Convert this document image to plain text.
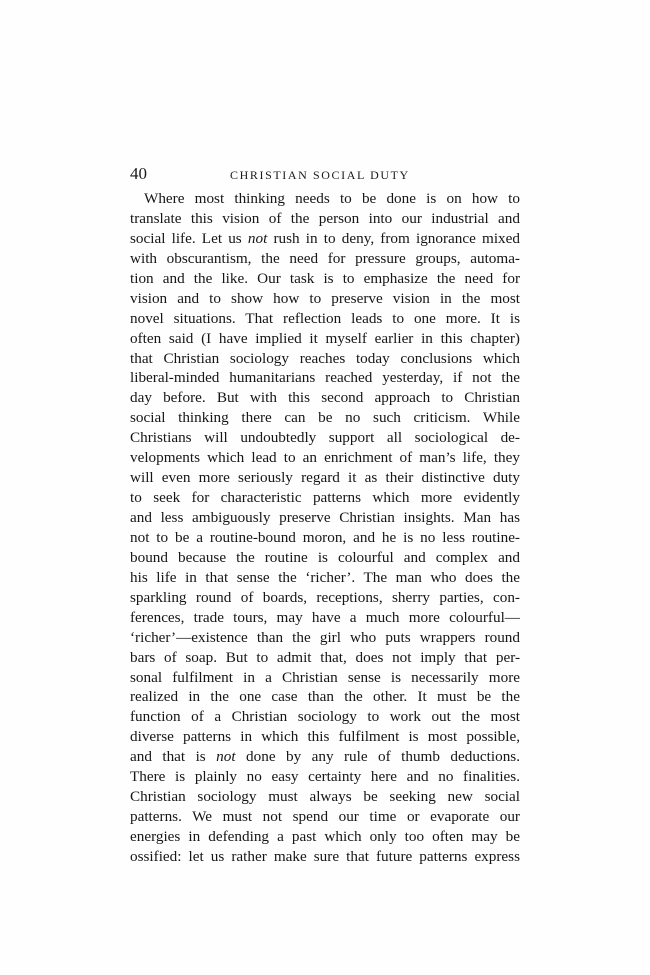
40	CHRISTIAN SOCIAL DUTY
Where most thinking needs to be done is on how to
translate this vision of the person into our industrial and
social life. Let us not rush in to deny, from ignorance mixed
with obscurantism, the need for pressure groups, automa-
tion and the like. Our task is to emphasize the need for
vision and to show how to preserve vision in the most
novel situations. That reflection leads to one more. It is
often said (I have implied it myself earlier in this chapter)
that Christian sociology reaches today conclusions which
liberal-minded humanitarians reached yesterday, if not the
day before. But with this second approach to Christian
social thinking there can be no such criticism. While
Christians will undoubtedly support all sociological de-
velopments which lead to an enrichment of man’s life, they
will even more seriously regard it as their distinctive duty
to seek for characteristic patterns which more evidently
and less ambiguously preserve Christian insights. Man has
not to be a routine-bound moron, and he is no less routine-
bound because the routine is colourful and complex and
his life in that sense the ‘richer’. The man who does the
sparkling round of boards, receptions, sherry parties, con-
ferences, trade tours, may have a much more colourful—
‘richer’—existence than the girl who puts wrappers round
bars of soap. But to admit that, does not imply that per-
sonal fulfilment in a Christian sense is necessarily more
realized in the one case than the other. It must be the
function of a Christian sociology to work out the most
diverse patterns in which this fulfilment is most possible,
and that is not done by any rule of thumb deductions.
There is plainly no easy certainty here and no finalities.
Christian sociology must always be seeking new social
patterns. We must not spend our time or evaporate our
energies in defending a past which only too often may be
ossified: let us rather make sure that future patterns express
